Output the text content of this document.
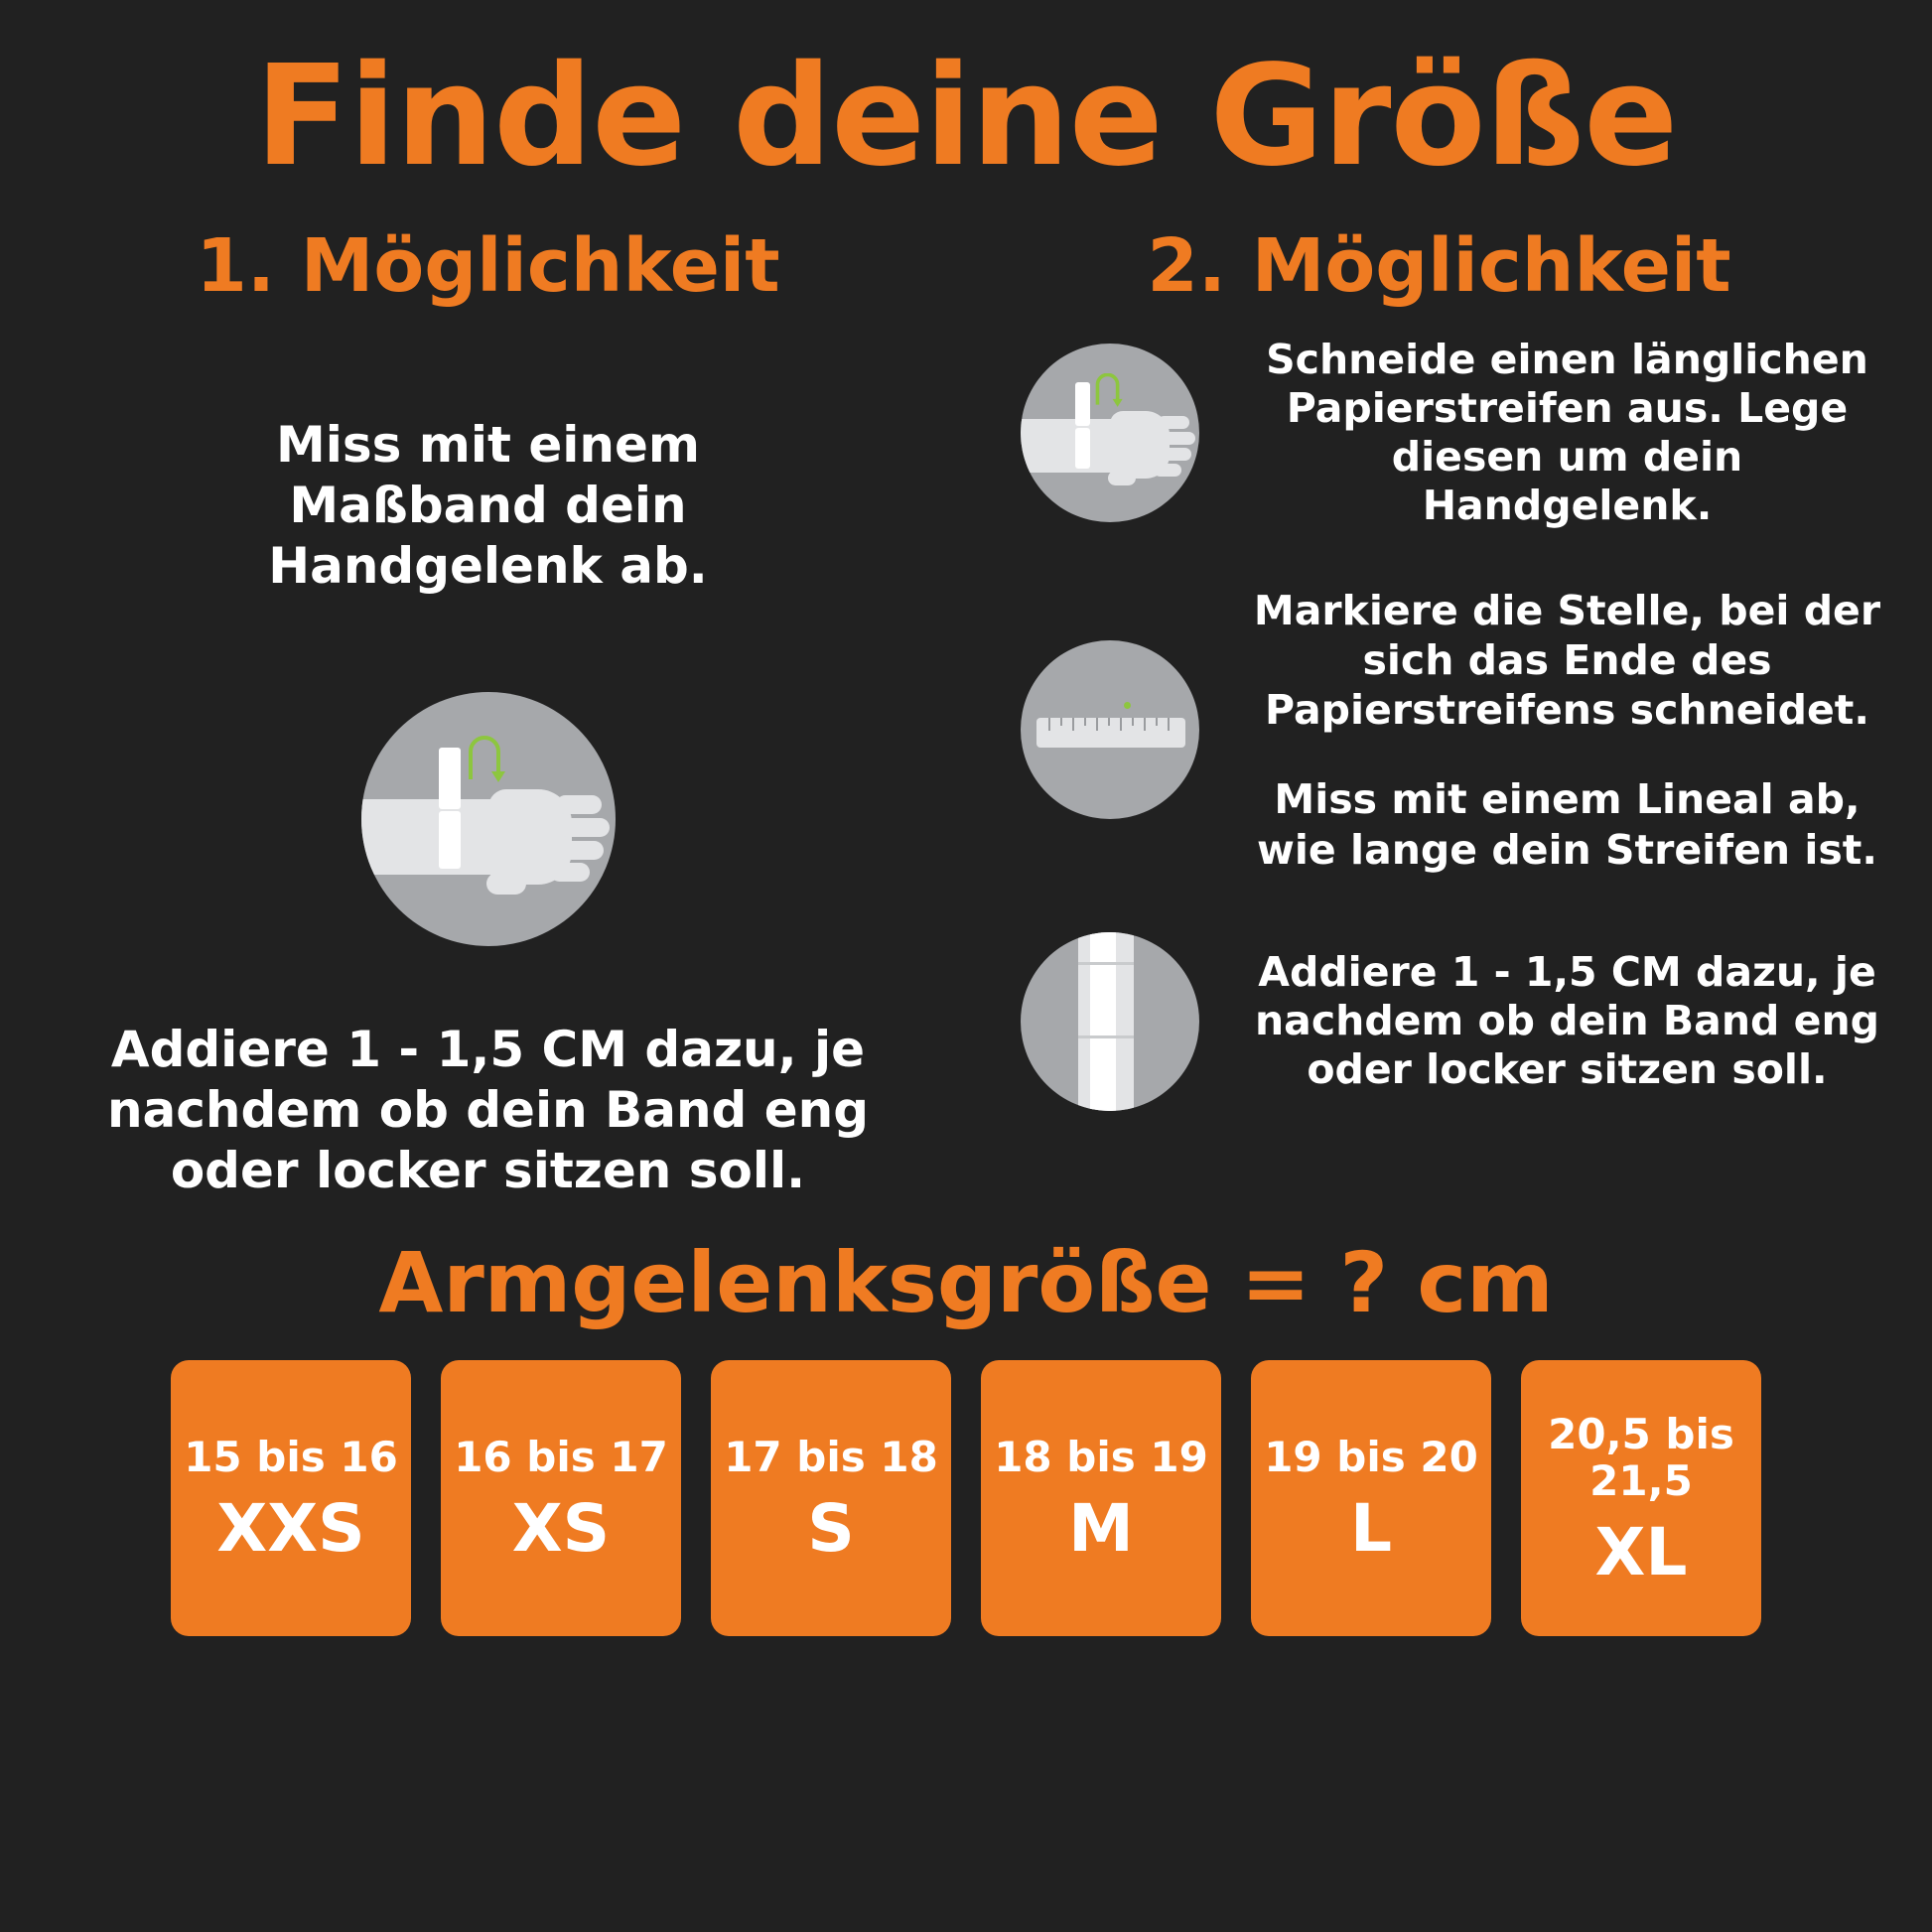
Finde deine Größe
1. Möglichkeit
Miss mit einem Maßband dein Handgelenk ab.
Addiere 1 - 1,5 CM dazu, je nachdem ob dein Band eng oder locker sitzen soll.
2. Möglichkeit
Schneide einen länglichen Papierstreifen aus. Lege diesen um dein Handgelenk.
Markiere die Stelle, bei der sich das Ende des Papierstreifens schneidet.
Miss mit einem Lineal ab, wie lange dein Streifen ist.
Addiere 1 - 1,5 CM dazu, je nachdem ob dein Band eng oder locker sitzen soll.
Armgelenksgröße = ? cm
15 bis 16
XXS
16 bis 17
XS
17 bis 18
S
18 bis 19
M
19 bis 20
L
20,5 bis 21,5
XL
